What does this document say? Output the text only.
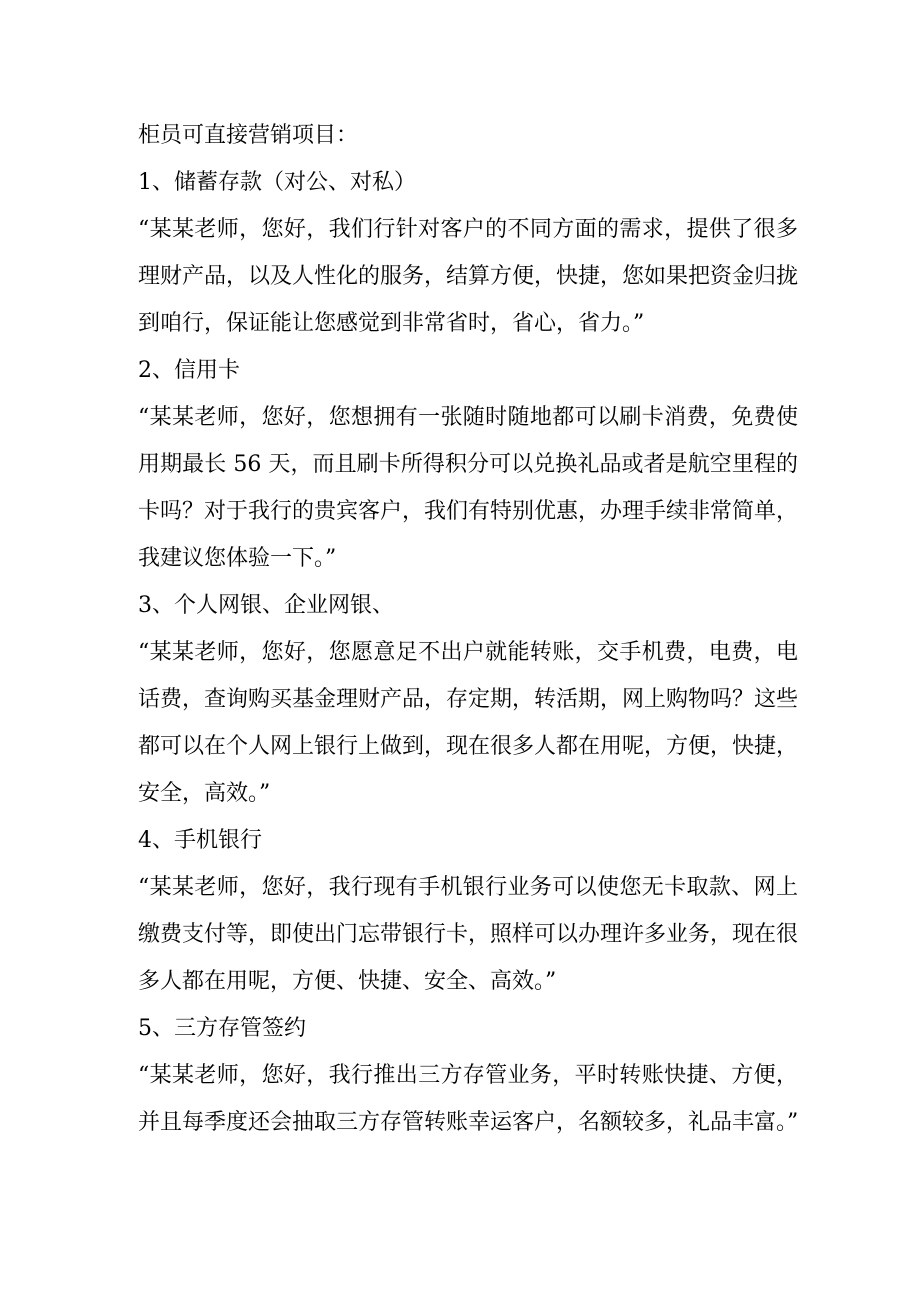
柜员可直接营销项目：
1、储蓄存款（对公、对私）
“某某老师，您好，我们行针对客户的不同方面的需求，提供了很多
理财产品，以及人性化的服务，结算方便，快捷，您如果把资金归拢
到咱行，保证能让您感觉到非常省时，省心，省力。”
2、信用卡
“某某老师，您好，您想拥有一张随时随地都可以刷卡消费，免费使
用期最长 56 天，而且刷卡所得积分可以兑换礼品或者是航空里程的
卡吗？对于我行的贵宾客户，我们有特别优惠，办理手续非常简单，
我建议您体验一下。”
3、个人网银、企业网银、
“某某老师，您好，您愿意足不出户就能转账，交手机费，电费，电
话费，查询购买基金理财产品，存定期，转活期，网上购物吗？这些
都可以在个人网上银行上做到，现在很多人都在用呢，方便，快捷，
安全，高效。”
4、手机银行
“某某老师，您好，我行现有手机银行业务可以使您无卡取款、网上
缴费支付等，即使出门忘带银行卡，照样可以办理许多业务，现在很
多人都在用呢，方便、快捷、安全、高效。”
5、三方存管签约
“某某老师，您好，我行推出三方存管业务，平时转账快捷、方便，
并且每季度还会抽取三方存管转账幸运客户，名额较多，礼品丰富。”
